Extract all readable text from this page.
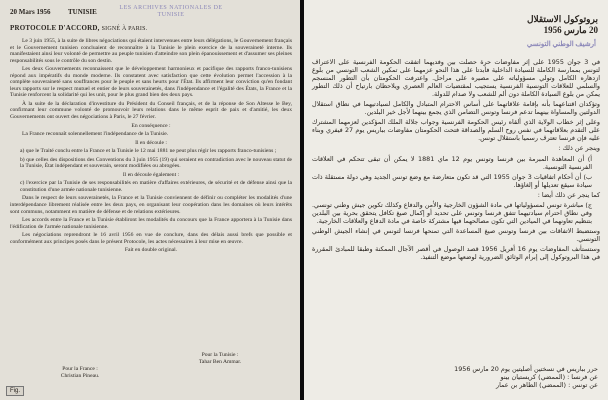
20 Mars 1956	TUNISIE	LES ARCHIVES NATIONALES DE TUNISIE
PROTOCOLE D'ACCORD, SIGNÉ À PARIS.

Le 3 juin 1955, à la suite de libres négociations qui étaient intervenues entre leurs délégations, le Gouvernement français et le Gouvernement tunisien concluaient de reconnaître à la Tunisie le plein exercice de la souveraineté interne. Ils manifestaient ainsi leur volonté de permettre au peuple tunisien d'atteindre son plein épanouissement et d'assumer ses pleines responsabilités sous le contrôle du son destin.

Les deux Gouvernements reconnaissent que le développement harmonieux et pacifique des rapports franco-tunisiens répond aux impératifs du monde moderne. Ils constatent avec satisfaction que cette évolution permet l'accession à la complète souveraineté sans souffrances pour le peuple et sans heurts pour l'État. Ils affirment leur conviction qu'en fondant leurs rapports sur le respect mutuel et entier de leurs souverainetés, dans l'indépendance et l'égalité des États, la France et la Tunisie renforcent la solidarité qui les unit, pour le plus grand bien des deux pays.

À la suite de la déclaration d'investiture du Président du Conseil français, et de la réponse de Son Altesse le Bey, confirmant leur commune volonté de promouvoir leurs relations dans le même esprit de paix et d'amitié, les deux Gouvernements ont ouvert des négociations à Paris, le 27 février.

En conséquence :

La France reconnaît solennellement l'indépendance de la Tunisie.

Il en découle :

a) que le Traité conclu entre la France et la Tunisie le 12 mai 1881 ne peut plus régir les rapports franco-tunisiens ;

b) que celles des dispositions des Conventions du 3 juin 1955 (19) qui seraient en contradiction avec le nouveau statut de la Tunisie, État indépendant et souverain, seront modifiées ou abrogées.

Il en découle également :

c) l'exercice par la Tunisie de ses responsabilités en matière d'affaires extérieures, de sécurité et de défense ainsi que la constitution d'une armée nationale tunisienne.

Dans le respect de leurs souverainetés, la France et la Tunisie conviennent de définir ou compléter les modalités d'une interdépendance librement réalisée entre les deux pays, en organisant leur coopération dans les domaines où leurs intérêts sont communs, notamment en matière de défense et de relations extérieures.

Les accords entre la France et la Tunisie établiront les modalités du concours que la France apportera à la Tunisie dans l'édification de l'armée nationale tunisienne.

Les négociations reprendront le 16 avril 1956 en vue de conclure, dans des délais aussi brefs que possible et conformément aux principes posés dans le présent Protocole, les actes nécessaires à leur mise en œuvre.

Fait en double original.

Pour la Tunisie :
Tahar Ben Ammar.
Pour la France :
Christian Pineau.
Fig.
بروتوكول الاستقلال
20 مارس 1956
أرشيف الوطني التونسي

في 3 جوان 1955 على إثر مفاوضات حرة حصلت بين وفديهما اتفقت الحكومة الفرنسية على الاعتراف لتونس بممارسة الكاملة للسيادة الداخلية فأبدتا على هذا النحو عزمهما على تمكين الشعب التونسي من بلوغ ازدهاره الكامل وتولي مسؤولياته على مصيره على مراحل. واعترفت الحكومتان بأن التطور المنسجم والسلمي للعلاقات التونسية الفرنسية يستجيب لمقتضيات العالم العصري ويلاحظان بارتياح أن ذلك التطور يمكن من بلوغ السيادة الكاملة دون ألم للشعب ولا صدام للدولة.

وتؤكدان اقتناعهما بأنه بإقامة علاقاتهما على أساس الاحترام المتبادل والكامل لسيادتيهما في نطاق استقلال الدولتين والمساواة بينهما تدعم فرنسا وتونس التضامن الذي يجمع بينهما لأجل خير البلدين.

وعلى إثر خطاب الولاية الذي ألقاه رئيس الحكومة الفرنسية وجواب جلالة الملك المؤكدين لعزمهما المشترك على التقدم بعلاقاتهما في نفس روح السلم والصداقة فتحت الحكومتان مفاوضات بباريس يوم 27 فيفري وبناء عليه فإن فرنسا تعترف رسميا باستقلال تونس.

وينجر عن ذلك :

أ) أن المعاهدة المبرمة بين فرنسا وتونس يوم 12 ماي 1881 لا يمكن أن تبقى تتحكم في العلاقات الفرنسية التونسية.

ب) أن أحكام اتفاقيات 3 جوان 1955 التي قد تكون متعارضة مع وضع تونس الجديد وهي دولة مستقلة ذات سيادة سيقع تعديلها أو إلغاؤها.

كما ينجر عن ذلك أيضا :

ج) مباشرة تونس لمسؤولياتها في مادة الشؤون الخارجية والأمن والدفاع وكذلك تكوين جيش وطني تونسي. وفي نطاق احترام سيادتيهما تتفق فرنسا وتونس على تحديد أو إكمال صيغ تكافل يتحقق بحرية بين البلدين بتنظيم تعاونهما في الميادين التي تكون مصالحهما فيها مشتركة خاصة في مادة الدفاع والعلاقات الخارجية.

وستضبط الاتفاقات بين فرنسا وتونس صيغ المساعدة التي تمنحها فرنسا لتونس في إنشاء الجيش الوطني التونسي.

وستستأنف المفاوضات يوم 16 أفريل 1956 قصد الوصول في أقصر الآجال الممكنة وطبقا للمبادئ المقررة في هذا البروتوكول إلى إبرام الوثائق الضرورية لوضعها موضع التنفيذ.

حرر بباريس في نسختين أصليتين يوم 20 مارس 1956
عن فرنسا : (الممضي) كريستيان بينو
عن تونس : (الممضي) الطاهر بن عمار
